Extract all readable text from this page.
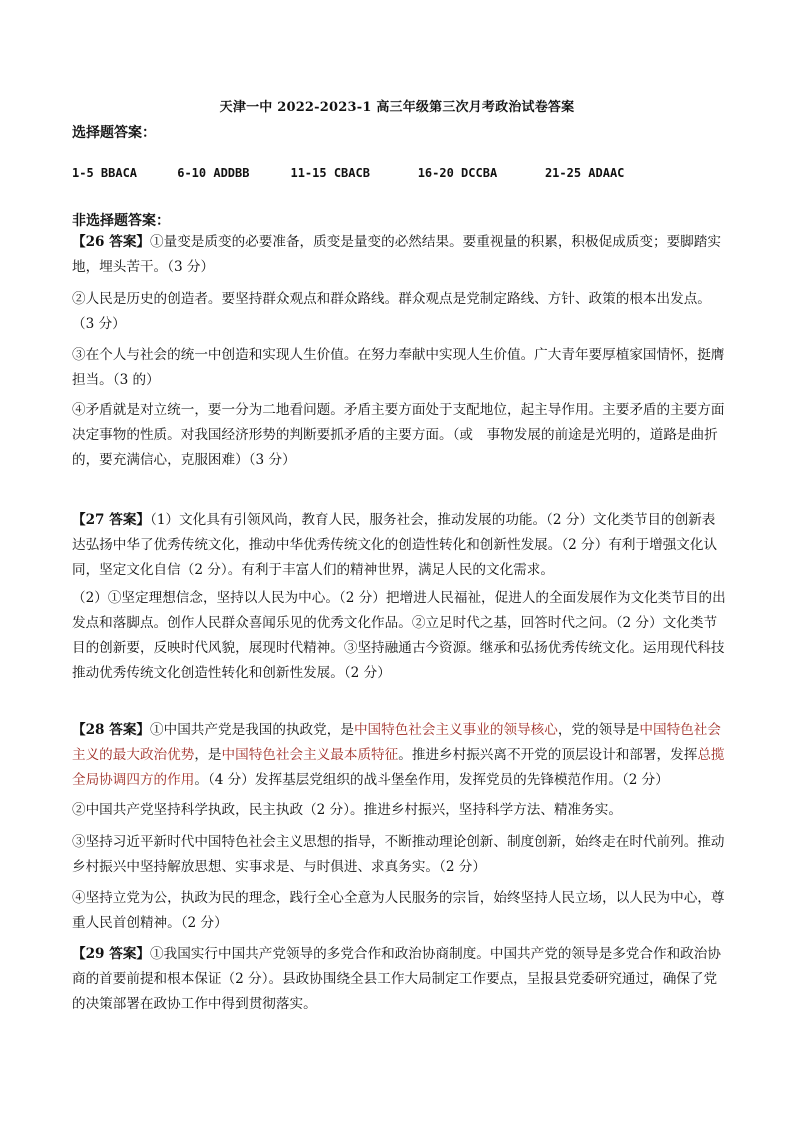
天津一中 2022-2023-1 高三年级第三次月考政治试卷答案
选择题答案：
1-5 BBACA	6-10 ADDBB	11-15 CBACB	16-20 DCCBA	21-25 ADAAC
非选择题答案：
【26 答案】①量变是质变的必要准备，质变是量变的必然结果。要重视量的积累，积极促成质变；要脚踏实地，埋头苦干。（3 分）
②人民是历史的创造者。要坚持群众观点和群众路线。群众观点是党制定路线、方针、政策的根本出发点。（3 分）
③在个人与社会的统一中创造和实现人生价值。在努力奉献中实现人生价值。广大青年要厚植家国情怀，挺膺担当。（3 的）
④矛盾就是对立统一，要一分为二地看问题。矛盾主要方面处于支配地位，起主导作用。主要矛盾的主要方面决定事物的性质。对我国经济形势的判断要抓矛盾的主要方面。（或　事物发展的前途是光明的，道路是曲折的，要充满信心，克服困难）（3 分）
【27 答案】（1）文化具有引领风尚，教育人民，服务社会，推动发展的功能。（2 分）文化类节目的创新表达弘扬中华了优秀传统文化，推动中华优秀传统文化的创造性转化和创新性发展。（2 分）有利于增强文化认同，坚定文化自信（2 分）。有利于丰富人们的精神世界，满足人民的文化需求。
（2）①坚定理想信念，坚持以人民为中心。（2 分）把增进人民福祉，促进人的全面发展作为文化类节目的出发点和落脚点。创作人民群众喜闻乐见的优秀文化作品。②立足时代之基，回答时代之问。（2 分）文化类节目的创新要，反映时代风貌，展现时代精神。③坚持融通古今资源。继承和弘扬优秀传统文化。运用现代科技推动优秀传统文化创造性转化和创新性发展。（2 分）
【28 答案】①中国共产党是我国的执政党，是中国特色社会主义事业的领导核心，党的领导是中国特色社会主义的最大政治优势，是中国特色社会主义最本质特征。推进乡村振兴离不开党的顶层设计和部署，发挥总揽全局协调四方的作用。（4 分）发挥基层党组织的战斗堡垒作用，发挥党员的先锋模范作用。（2 分）
②中国共产党坚持科学执政，民主执政（2 分）。推进乡村振兴，坚持科学方法、精准务实。
③坚持习近平新时代中国特色社会主义思想的指导，不断推动理论创新、制度创新，始终走在时代前列。推动乡村振兴中坚持解放思想、实事求是、与时俱进、求真务实。（2 分）
④坚持立党为公，执政为民的理念，践行全心全意为人民服务的宗旨，始终坚持人民立场，以人民为中心，尊重人民首创精神。（2 分）
【29 答案】①我国实行中国共产党领导的多党合作和政治协商制度。中国共产党的领导是多党合作和政治协商的首要前提和根本保证（2 分）。县政协围绕全县工作大局制定工作要点，呈报县党委研究通过，确保了党的决策部署在政协工作中得到贯彻落实。
